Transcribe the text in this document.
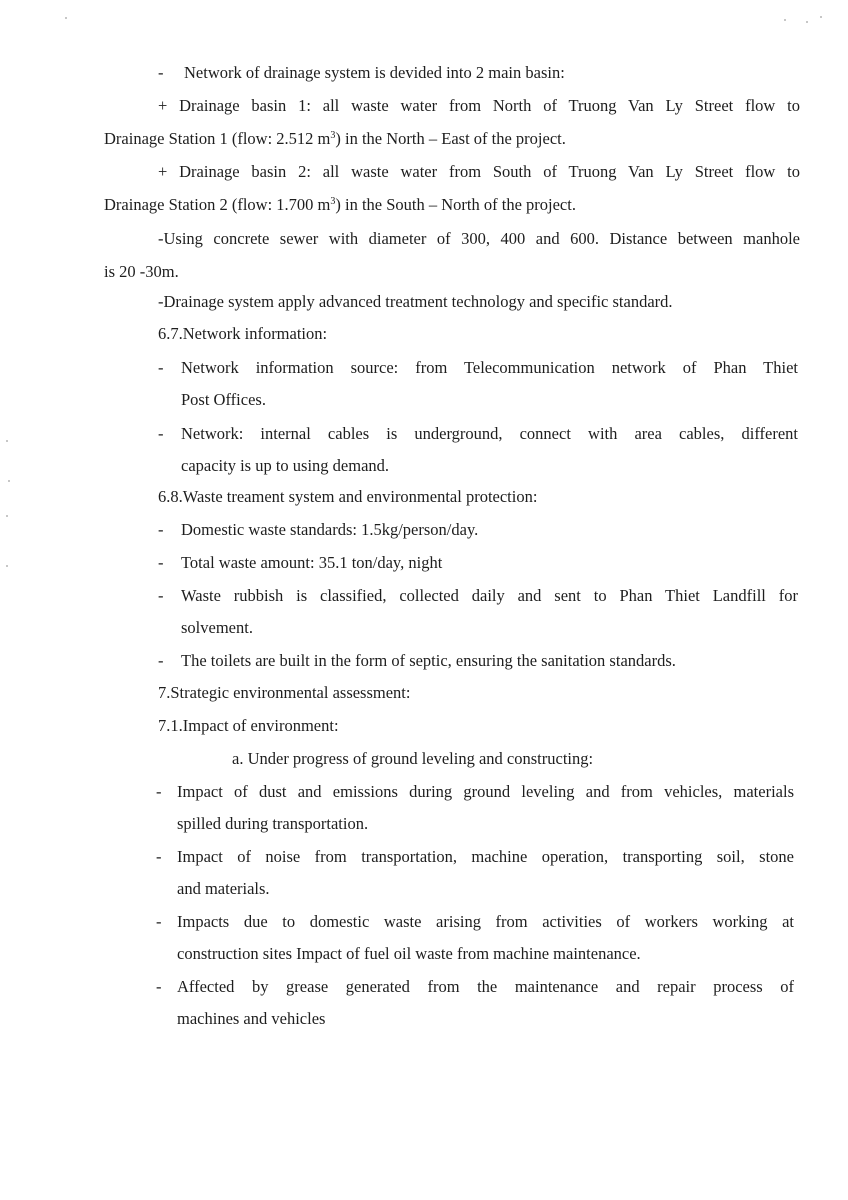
- Network of drainage system is devided into 2 main basin:
+ Drainage basin 1: all waste water from North of Truong Van Ly Street flow to
Drainage Station 1 (flow: 2.512 $m^3$) in the North – East of the project.
+ Drainage basin 2: all waste water from South of Truong Van Ly Street flow to
Drainage Station 2 (flow: 1.700 $m^3$) in the South – North of the project.
-Using concrete sewer with diameter of 300, 400 and 600. Distance between manhole
is 20 -30m.
-Drainage system apply advanced treatment technology and specific standard.
6.7.Network information:
- Network information source: from Telecommunication network of Phan Thiet
Post Offices.
- Network: internal cables is underground, connect with area cables, different
capacity is up to using demand.
6.8.Waste treament system and environmental protection:
- Domestic waste standards: 1.5kg/person/day.
- Total waste amount: 35.1 ton/day, night
- Waste rubbish is classified, collected daily and sent to Phan Thiet Landfill for
solvement.
- The toilets are built in the form of septic, ensuring the sanitation standards.
7.Strategic environmental assessment:
7.1.Impact of environment:
a. Under progress of ground leveling and constructing:
- Impact of dust and emissions during ground leveling and from vehicles, materials
spilled during transportation.
- Impact of noise from transportation, machine operation, transporting soil, stone
and materials.
- Impacts due to domestic waste arising from activities of workers working at
construction sites Impact of fuel oil waste from machine maintenance.
- Affected by grease generated from the maintenance and repair process of
machines and vehicles
